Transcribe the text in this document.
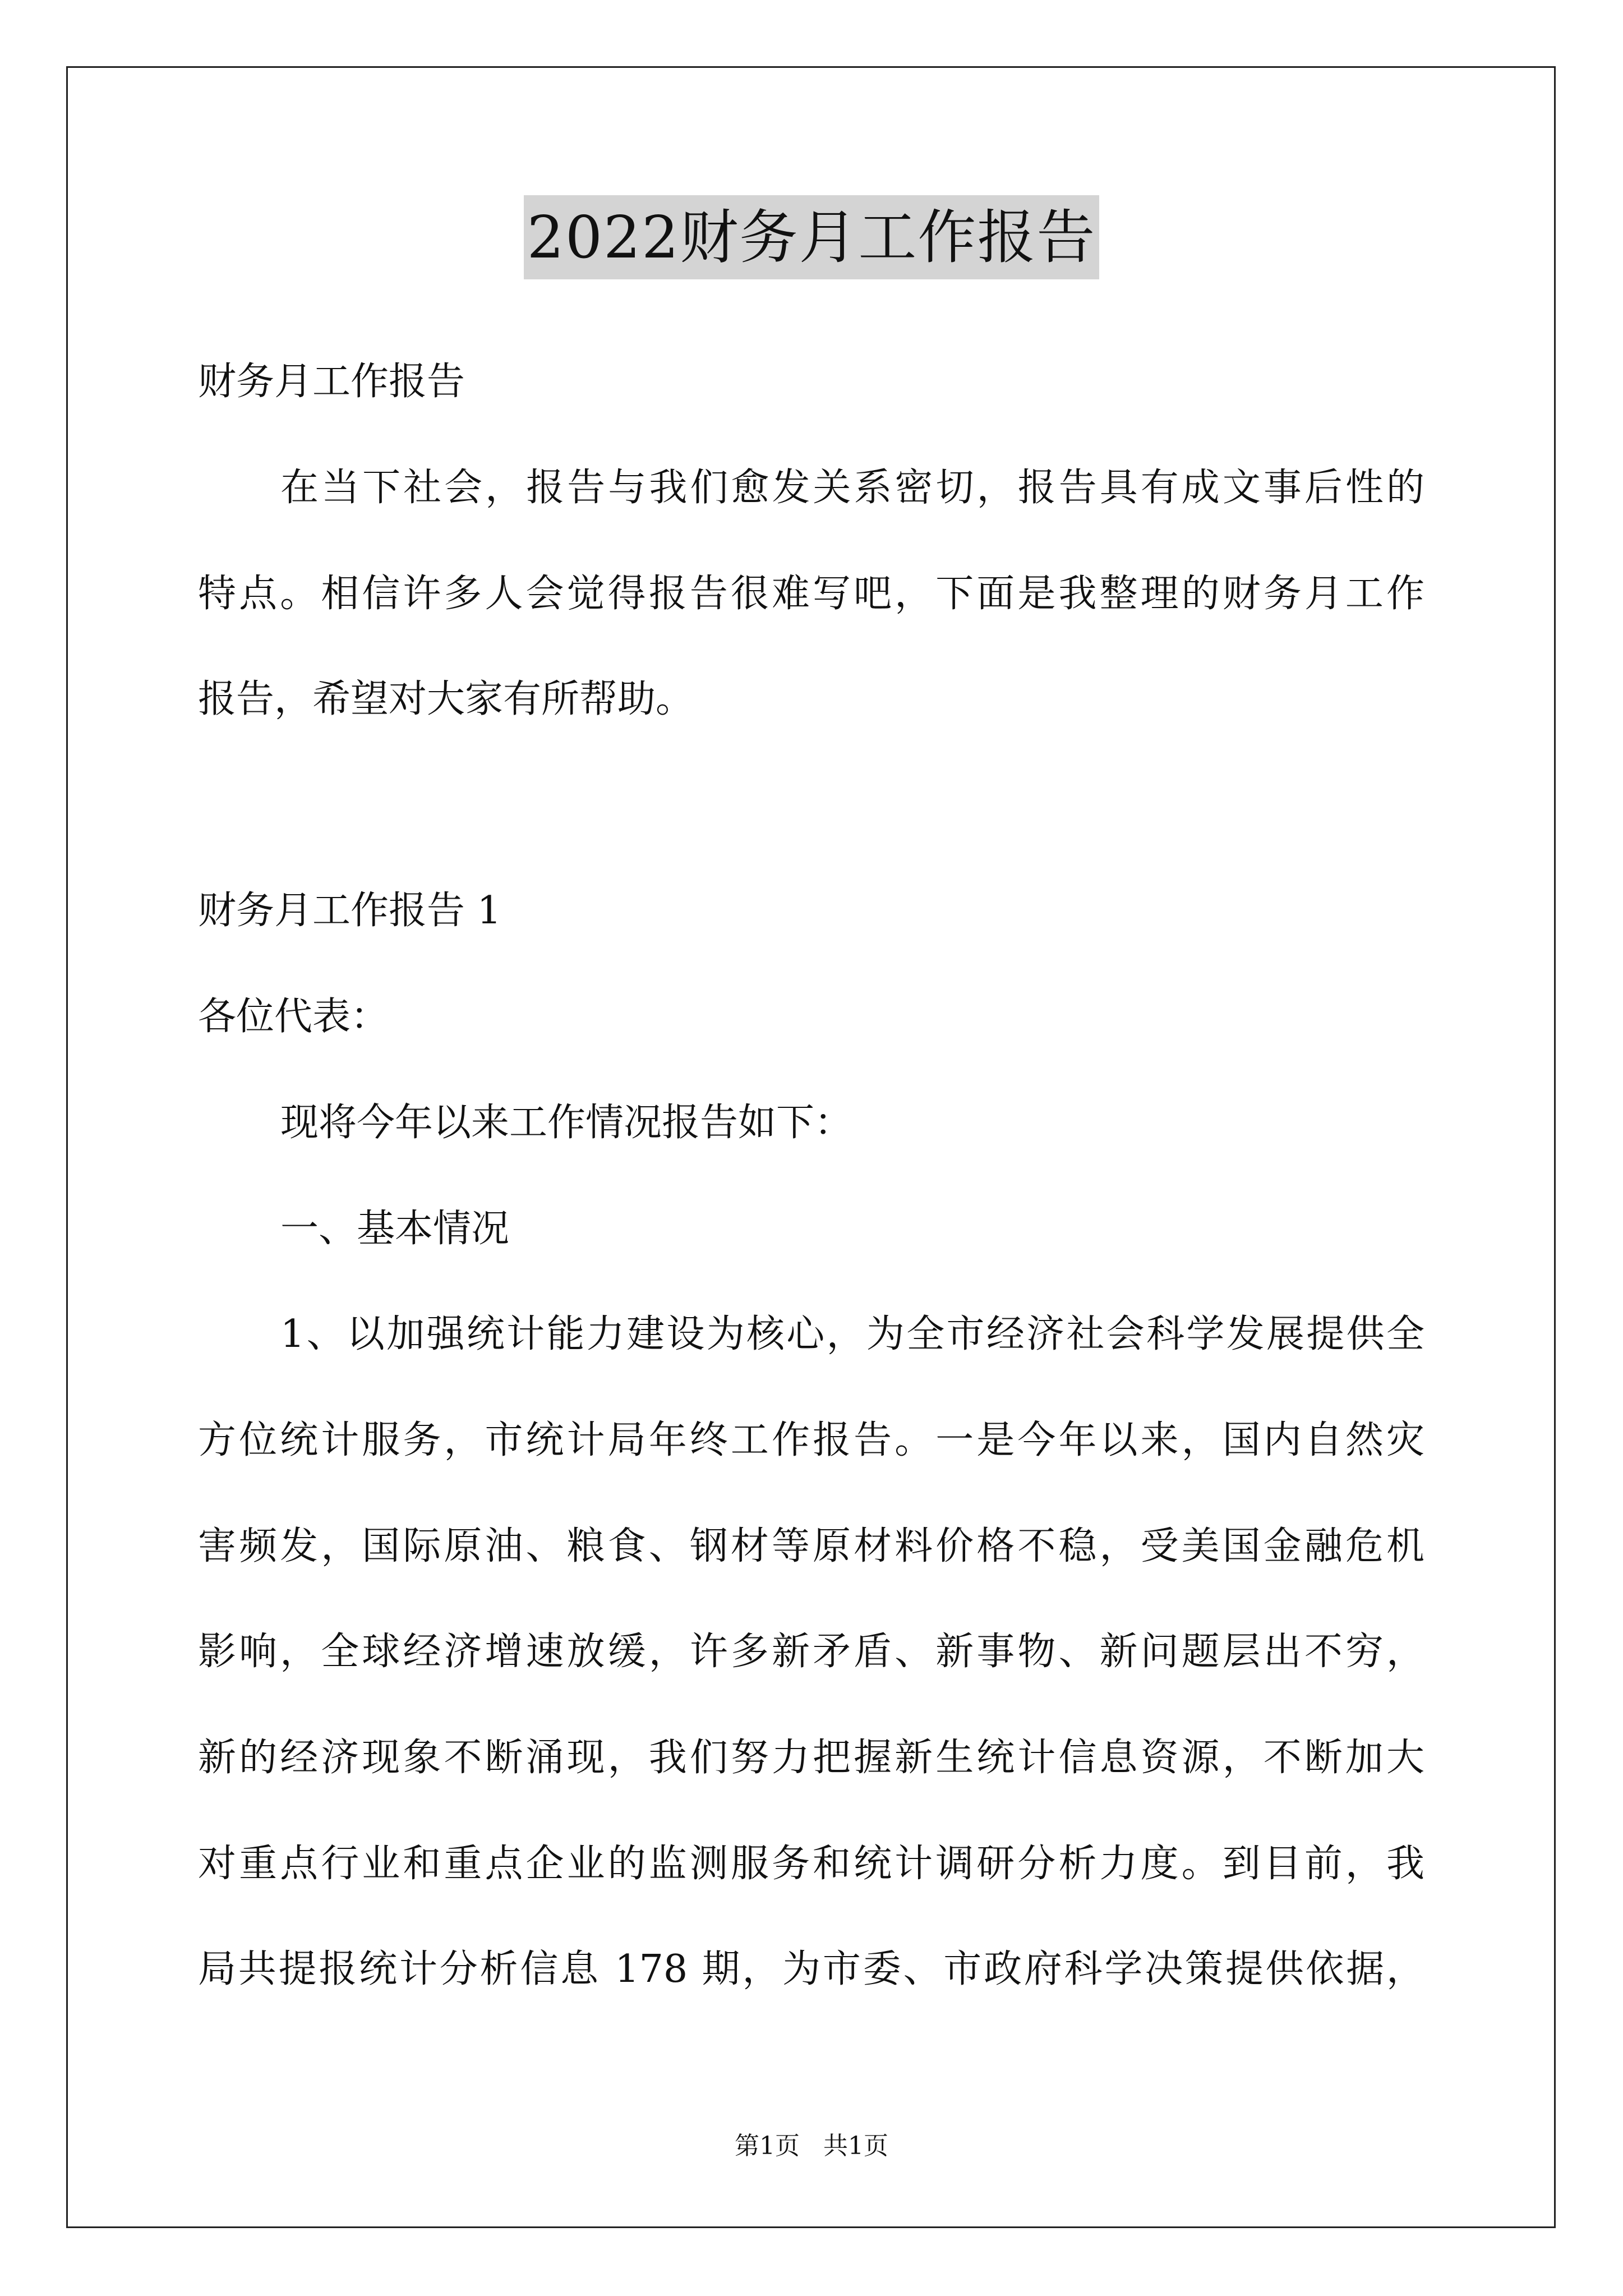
2022财务月工作报告
财务月工作报告
在当下社会，报告与我们愈发关系密切，报告具有成文事后性的
特点。相信许多人会觉得报告很难写吧，下面是我整理的财务月工作
报告，希望对大家有所帮助。
财务月工作报告 1
各位代表：
现将今年以来工作情况报告如下：
一、基本情况
1、以加强统计能力建设为核心，为全市经济社会科学发展提供全
方位统计服务，市统计局年终工作报告。一是今年以来，国内自然灾
害频发，国际原油、粮食、钢材等原材料价格不稳，受美国金融危机
影响，全球经济增速放缓，许多新矛盾、新事物、新问题层出不穷，
新的经济现象不断涌现，我们努力把握新生统计信息资源，不断加大
对重点行业和重点企业的监测服务和统计调研分析力度。到目前，我
局共提报统计分析信息 178 期，为市委、市政府科学决策提供依据，
第1页   共1页
